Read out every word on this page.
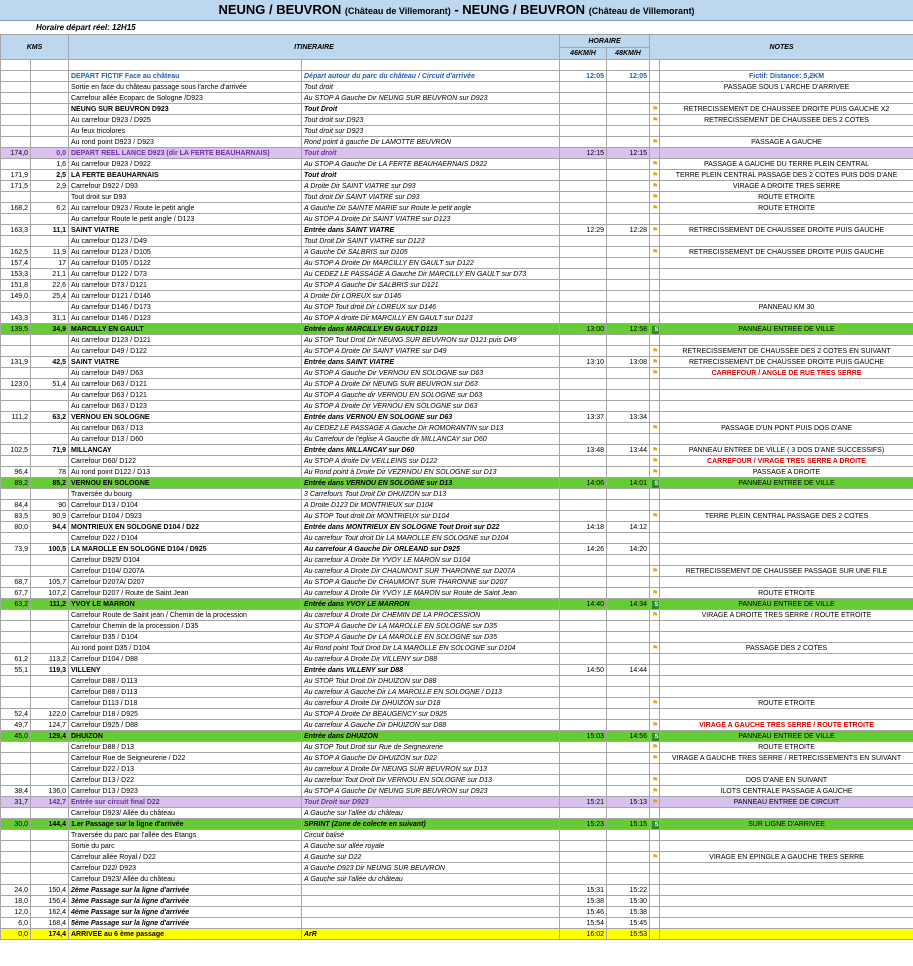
NEUNG / BEUVRON (Château de Villemorant) - NEUNG / BEUVRON (Château de Villemorant)
Horaire départ réel: 12H15
KMS		ITINERAIRE		HORAIRE		NOTES	
				46KM/H	48KM/H		

		DEPART FICTIF Face au château	Départ autour du parc du château / Circuit d'arrivée	12:05	12:05		Fictif: Distance: 5,2KM
		Sortie en face du château passage sous l'arche d'arrivée	Tout droit				PASSAGE SOUS L'ARCHE D'ARRIVEE
		Carrefour allée Ecoparc de Sologne /D923	Au STOP A Gauche Dir NEUNG SUR BEUVRON sur D923				
		NEUNG SUR BEUVRON D923	Tout Droit			⚑	RETRECISSEMENT DE CHAUSSEE DROITE PUIS GAUCHE X2
		Au carrefour D923 / D925	Tout droit sur D923			⚑	RETRECISSEMENT DE CHAUSSEE DES 2 COTES
		Au feux tricolores	Tout droit sur D923				
		Au rond point D923 / D923	Rond point à gauche Dir LAMOTTE BEUVRON			⚑	PASSAGE A GAUCHE
174,0	0,0	DEPART REEL LANCE D923 (dir LA FERTE BEAUHARNAIS)	Tout droit	12:15	12:15		
	1,6	Au carrefour D923 / D922	Au STOP A Gauche Dir LA FERTE BEAUHAERNAIS D922			⚑	PASSAGE A GAUCHE DU TERRE PLEIN CENTRAL
171,9	2,5	LA FERTE BEAUHARNAIS	Tout droit			⚑	TERRE PLEIN CENTRAL PASSAGE DES 2 COTES PUIS DOS D'ANE
171,5	2,9	Carrefour D922 / D93	A Droite Dir SAINT VIATRE sur D93			⚑	VIRAGE A DROITE TRES SERRE
		Tout droit sur D93	Tout droit Dir SAINT VIATRE sur D93			⚑	ROUTE ETROITE
168,2	6,2	Au carrefour D923 / Route le petit angle	A Gauche Dir SAINTE MARIE sur Route le petit angle			⚑	ROUTE ETROITE
		Au carrefour Route le petit angle / D123	Au STOP A Droite Dir SAINT VIATRE sur D123				
163,3	11,1	SAINT VIATRE	Entrée dans SAINT VIATRE	12:29	12:28	⚑	RETRECISSEMENT DE CHAUSSEE DROITE PUIS GAUCHE
		Au carrefour D123 / D49	Tout Droit Dir SAINT VIATRE sur D123				
162,5	11,9	Au carrefour D123 / D105	A Gauche Dir SALBRIS sur D105			⚑	RETRECISSEMENT DE CHAUSSEE DROITE PUIS GAUCHE
157,4	17	Au carrefour D105 / D122	Au STOP A Droite Dir MARCILLY EN GAULT sur D122				
153,3	21,1	Au carrefour D122 / D73	Au CEDEZ LE PASSAGE A Gauche Dir MARCILLY EN GAULT sur D73				
151,8	22,6	Au carrefour D73 / D121	Au STOP A Gauche Dir SALBRIS sur D121				
149,0	25,4	Au carrefour D121 / D146	A Droite Dir LOREUX sur D146				
		Au carrefour D146 / D173	Au STOP Tout droit Dir LOREUX sur D146				PANNEAU KM 30
143,3	31,1	Au carrefour D146 / D123	Au STOP A droite Dir MARCILLY EN GAULT sur D123				
139,5	34,9	MARCILLY EN GAULT	Entrée dans MARCILLY EN GAULT D123	13:00	12:58	S	PANNEAU ENTREE DE VILLE
		Au carrefour D123 / D121	Au STOP Tout Droit Dir NEUNG SUR BEUVRON sur D121 puis D49				
		Au carrefour D49 / D122	Au STOP A Droite Dir SAINT VIATRE sur D49			⚑	RETRECISSEMENT DE CHAUSSEE DES 2 COTES EN SUIVANT
131,9	42,5	SAINT VIATRE	Entrée dans SAINT VIATRE	13:10	13:08	⚑	RETRECISSEMENT DE CHAUSSEE DROITE PUIS GAUCHE
		Au carrefour D49 / D63	Au STOP A Gauche Dir VERNOU EN SOLOGNE sur D63			⚑	CARREFOUR / ANGLE DE RUE TRES SERRE
123,0	51,4	Au carrefour D63 / D121	Au STOP A Droite Dir NEUNG SUR BEUVRON sur D63				
		Au carrefour D63 / D121	Au STOP A Gauche dir VERNOU EN SOLOGNE sur D63				
		Au carrefour D63 / D123	Au STOP A Droite Dir VERNOU EN SOLOGNE sur D63				
111,2	63,2	VERNOU EN SOLOGNE	Entrée dans VERNOU EN SOLOGNE sur D63	13:37	13:34		
		Au carrefour D63 / D13	Au CEDEZ LE PASSAGE A Gauche Dir ROMORANTIN sur D13			⚑	PASSAGE D'UN PONT PUIS DOS D'ANE
		Au carrefour D13 / D60	Au Carrefour de l'église A Gauche dir MILLANCAY sur D60				
102,5	71,9	MILLANCAY	Entrée dans MILLANCAY sur D60	13:48	13:44	⚑	PANNEAU ENTREE DE VILLE ( 3 DOS D'ANE SUCCESSIFS)
		Carrefour D60/ D122	Au STOP A droite Dir VEILLEINS sur D122			⚑	CARREFOUR / VIRAGE TRES SERRE A DROITE
96,4	78	Au rond point D122 / D13	Au Rond point à Droite Dir VEZRNOU EN SOLOGNE sur D13			⚑	PASSAGE A DROITE
89,2	85,2	VERNOU EN SOLOGNE	Entrée dans VERNOU EN SOLOGNE sur D13	14:06	14:01	S	PANNEAU ENTREE DE VILLE
		Traversée du bourg	3 Carrefours Tout Droit Dir DHUIZON sur D13				
84,4	90	Carrefour D13 / D104	A Droite D123 Dir MONTRIEUX sur D104				
83,5	90,9	Carrefour D104 / D923	Au STOP Tout droit Dir MONTRIEUX sur D104			⚑	TERRE PLEIN CENTRAL PASSAGE DES 2 COTES
80,0	94,4	MONTRIEUX EN SOLOGNE D104 / D22	Entrée dans MONTRIEUX EN SOLOGNE Tout Droit sur D22	14:18	14:12		
		Carrefour D22 / D104	Au carrefour Tout droit Dir LA MAROLLE EN SOLOGNE sur D104				
73,9	100,5	LA MAROLLE EN SOLOGNE D104 / D925	Au carrefour A Gauche Dir ORLEAND sur D925	14:26	14:20		
		Carrefour D925/ D104	Au carrefour A Droite Dir YVOY LE MARON sur D104				
		Carrefour D104/ D207A	Au carrefour A Droite Dir CHAUMONT SUR THARONNE sur D207A			⚑	RETRECISSEMENT DE CHAUSSEE PASSAGE SUR UNE FILE
68,7	105,7	Carrefour D207A/ D207	Au STOP A Gauche Dir CHAUMONT SUR THARONNE sur D207				
67,7	107,2	Carrefour D207 / Route de Saint Jean	Au carrefour A Droite Dir YVOY LE MARON sur Route de Saint Jean			⚑	ROUTE ETROITE
63,2	111,2	YVOY LE MARRON	Entrée dans YVOY LE MARRON	14:40	14:34	S	PANNEAU ENTREE DE VILLE
		Carrefour Route de Saint jean / Chemin de la procession	Au carrefour A Droite Dir CHEMIN DE LA PROCESSION			⚑	VIRAGE A DROITE TRES SERRE / ROUTE ETROITE
		Carrefour Chemin de la procession / D35	Au STOP A Gauche Dir LA MAROLLE EN SOLOGNE sur D35				
		Carrefour D35 / D104	Au STOP A Gauche Dir LA MAROLLE EN SOLOGNE sur D35				
		Au rond point D35 / D104	Au Rond point Tout Droit Dir LA MAROLLE EN SOLOGNE sur D104			⚑	PASSAGE DES 2 COTES
61,2	113,2	Carrefour D104 / D88	Au carrefour A Droite Dir VILLENY sur D88				
55,1	119,3	VILLENY	Entrée dans VILLENY sur D88	14:50	14:44		
		Carrefour D88 / D113	Au STOP Tout Droit Dir DHUIZON sur D88				
		Carrefour D88 / D113	Au carrefour A Gauche Dir LA MAROLLE EN SOLOGNE / D113				
		Carrefour D113 / D18	Au carrefour A Droite Dir DHUIZON sur D18			⚑	ROUTE ETROITE
52,4	122,0	Carrefour D18 / D925	Au STOP A Droite Dir BEAUGENCY sur D925				
49,7	124,7	Carrefour D925 / D88	Au carrefour A Gauche Dir DHUIZON sur D88			⚑	VIRAGE A GAUCHE TRES SERRE / ROUTE ETROITE
45,0	129,4	DHUIZON	Entrée dans DHUIZON	15:03	14:56	S	PANNEAU ENTREE DE VILLE
		Carrefour D88 / D13	Au STOP Tout Droit sur Rue de Seigneurerie			⚑	ROUTE ETROITE
		Carrefour Rue de Seigneurerie / D22	Au STOP A Gauche Dir DHUIZON sur D22			⚑	VIRAGE A GAUCHE TRES SERRE / RETRECISSEMENTS EN SUIVANT
		Carrefour D22 / D13	Au carrefour A Droite Dir NEUNG SUR BEUVRON sur D13				
		Carrefour D13 / D22	Au carrefour Tout Droit Dir VERNOU EN SOLOGNE sur D13			⚑	DOS D'ANE EN SUIVANT
38,4	136,0	Carrefour D13 / D923	Au STOP A Gauche Dir NEUNG SUR BEUVRON sur D923			⚑	ILOTS CENTRALE PASSAGE A GAUCHE
31,7	142,7	Entrée sur circuit final D22	Tout Droit sur D923	15:21	15:13	⚑	PANNEAU ENTREE DE CIRCUIT
		Carrefour D923/ Allée du château	A Gauche sur l'allée du château				
30,0	144,4	1.er Passage sur la ligne d'arrivée	SPRINT (Zone de colecte en suivant)	15:23	15:15	S	SUR LIGNE D'ARRIVEE
		Traversée du parc par l'allée des Etangs	Circuit balisé				
		Sortie du parc	A Gauche sur allée royale				
		Carrefour allée Royal / D22	A Gauche sur D22			⚑	VIRAGE EN EPINGLE A GAUCHE TRES SERRE
		Carrefour D22/ D923	A Gauche D923 Dir NEUNG SUR BEUVRON				
		Carrefour D923/ Allée du château	A Gauche sur l'allée du château				
24,0	150,4	2ème Passage sur la ligne d'arrivée		15:31	15:22		
18,0	156,4	3ème Passage sur la ligne d'arrivée		15:38	15:30		
12,0	162,4	4ème Passage sur la ligne d'arrivée		15:46	15:38		
6,0	168,4	5ème Passage sur la ligne d'arrivée		15:54	15:45		
0,0	174,4	ARRIVEE au 6 ème passage	ArR	16:02	15:53		
